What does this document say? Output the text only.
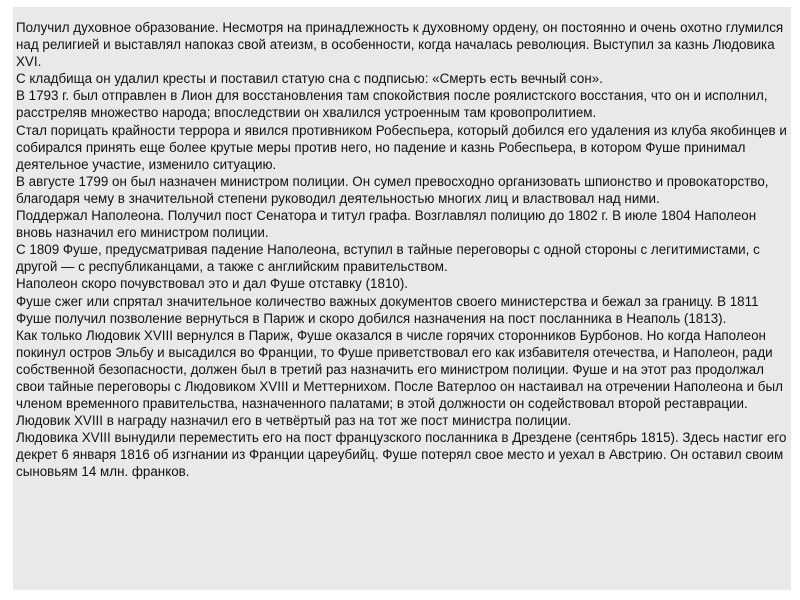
Получил духовное образование. Несмотря на принадлежность к духовному ордену, он постоянно и очень охотно глумился над религией и выставлял напоказ свой атеизм, в особенности, когда началась революция. Выступил за казнь Людовика XVI.

С кладбища он удалил кресты и поставил статую сна с подписью: «Смерть есть вечный сон».

В 1793 г. был отправлен в Лион для восстановления там спокойствия после роялистского восстания, что он и исполнил, расстреляв множество народа; впоследствии он хвалился устроенным там кровопролитием.

Стал порицать крайности террора и явился противником Робеспьера, который добился его удаления из клуба якобинцев и собирался принять еще более крутые меры против него, но падение и казнь Робеспьера, в котором Фуше принимал деятельное участие, изменило ситуацию.

В августе 1799 он был назначен министром полиции. Он сумел превосходно организовать шпионство и провокаторство, благодаря чему в значительной степени руководил деятельностью многих лиц и властвовал над ними.

Поддержал Наполеона. Получил пост Сенатора и титул графа. Возглавлял полицию до 1802 г. В июле 1804 Наполеон вновь назначил его министром полиции.

С 1809 Фуше, предусматривая падение Наполеона, вступил в тайные переговоры с одной стороны с легитимистами, с другой — с республиканцами, а также с английским правительством.

Наполеон скоро почувствовал это и дал Фуше отставку (1810).

Фуше сжег или спрятал значительное количество важных документов своего министерства и бежал за границу. В 1811 Фуше получил позволение вернуться в Париж и скоро добился назначения на пост посланника в Неаполь (1813).

Как только Людовик XVIII вернулся в Париж, Фуше оказался в числе горячих сторонников Бурбонов. Но когда Наполеон покинул остров Эльбу и высадился во Франции, то Фуше приветствовал его как избавителя отечества, и Наполеон, ради собственной безопасности, должен был в третий раз назначить его министром полиции. Фуше и на этот раз продолжал свои тайные переговоры с Людовиком XVIII и Меттернихом. После Ватерлоо он настаивал на отречении Наполеона и был членом временного правительства, назначенного палатами; в этой должности он содействовал второй реставрации.

Людовик XVIII в награду назначил его в четвёртый раз на тот же пост министра полиции.

Людовика XVIII вынудили переместить его на пост французского посланника в Дрездене (сентябрь 1815). Здесь настиг его декрет 6 января 1816 об изгнании из Франции цареубийц. Фуше потерял свое место и уехал в Австрию. Он оставил своим сыновьям 14 млн. франков.
